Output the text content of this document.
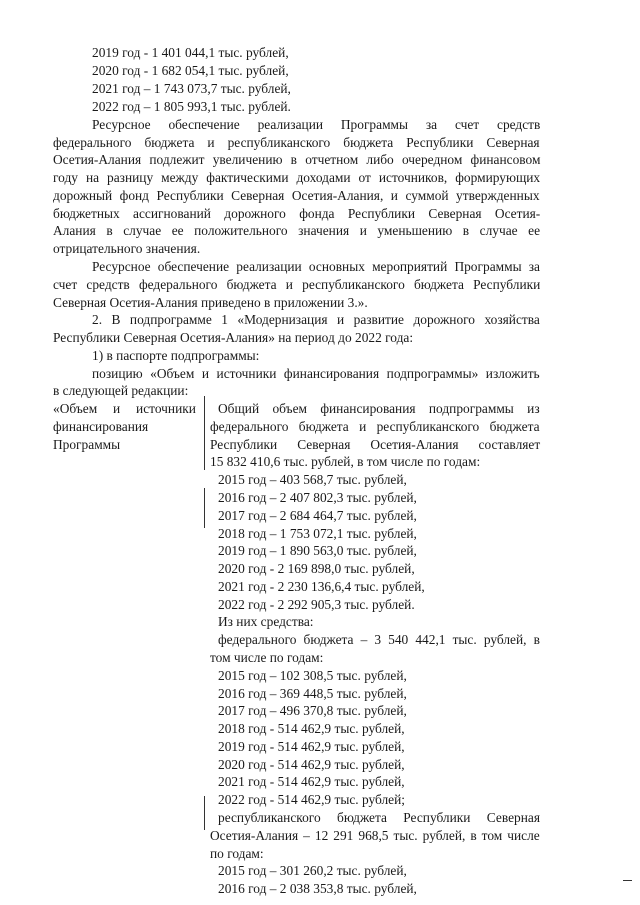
2019 год - 1 401 044,1 тыс. рублей,
2020 год - 1 682 054,1 тыс. рублей,
2021 год – 1 743 073,7 тыс. рублей,
2022 год – 1 805 993,1 тыс. рублей.
Ресурсное обеспечение реализации Программы за счет средств
федерального бюджета и республиканского бюджета Республики Северная
Осетия-Алания подлежит увеличению в отчетном либо очередном финансовом
году на разницу между фактическими доходами от источников, формирующих
дорожный фонд Республики Северная Осетия-Алания, и суммой утвержденных
бюджетных ассигнований дорожного фонда Республики Северная Осетия-
Алания в случае ее положительного значения и уменьшению в случае ее
отрицательного значения.
Ресурсное обеспечение реализации основных мероприятий Программы за
счет средств федерального бюджета и республиканского бюджета Республики
Северная Осетия-Алания приведено в приложении 3.».
2. В подпрограмме 1 «Модернизация и развитие дорожного хозяйства
Республики Северная Осетия-Алания» на период до 2022 года:
1) в паспорте подпрограммы:
позицию «Объем и источники финансирования подпрограммы» изложить
в следующей редакции:
«Объем и источники
финансирования
Программы
Общий объем финансирования подпрограммы из
федерального бюджета и республиканского бюджета
Республики Северная Осетия-Алания составляет
15 832 410,6 тыс. рублей, в том числе по годам:
2015 год – 403 568,7 тыс. рублей,
2016 год – 2 407 802,3 тыс. рублей,
2017 год – 2 684 464,7 тыс. рублей,
2018 год – 1 753 072,1 тыс. рублей,
2019 год – 1 890 563,0 тыс. рублей,
2020 год - 2 169 898,0 тыс. рублей,
2021 год - 2 230 136,6,4 тыс. рублей,
2022 год - 2 292 905,3 тыс. рублей.
Из них средства:
федерального бюджета – 3 540 442,1 тыс. рублей, в
том числе по годам:
2015 год – 102 308,5 тыс. рублей,
2016 год – 369 448,5 тыс. рублей,
2017 год – 496 370,8 тыс. рублей,
2018 год - 514 462,9 тыс. рублей,
2019 год - 514 462,9 тыс. рублей,
2020 год - 514 462,9 тыс. рублей,
2021 год - 514 462,9 тыс. рублей,
2022 год - 514 462,9 тыс. рублей;
республиканского бюджета Республики Северная
Осетия-Алания – 12 291 968,5 тыс. рублей, в том числе
по годам:
2015 год – 301 260,2 тыс. рублей,
2016 год – 2 038 353,8 тыс. рублей,
